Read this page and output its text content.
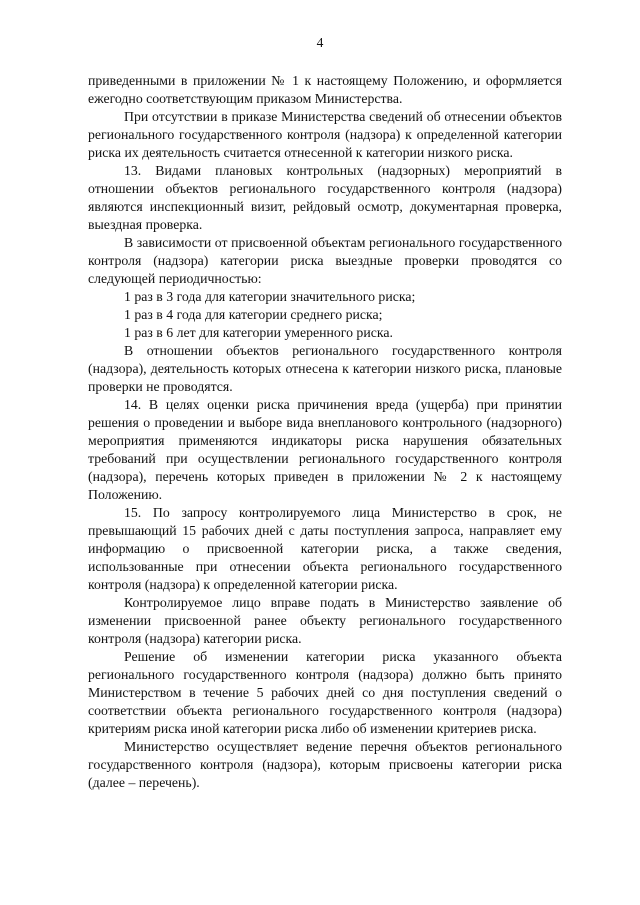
4

приведенными в приложении № 1 к настоящему Положению, и оформляется ежегодно соответствующим приказом Министерства.

При отсутствии в приказе Министерства сведений об отнесении объектов регионального государственного контроля (надзора) к определенной категории риска их деятельность считается отнесенной к категории низкого риска.

13. Видами плановых контрольных (надзорных) мероприятий в отношении объектов регионального государственного контроля (надзора) являются инспекционный визит, рейдовый осмотр, документарная проверка, выездная проверка.

В зависимости от присвоенной объектам регионального государственного контроля (надзора) категории риска выездные проверки проводятся со следующей периодичностью:

1 раз в 3 года для категории значительного риска;

1 раз в 4 года для категории среднего риска;

1 раз в 6 лет для категории умеренного риска.

В отношении объектов регионального государственного контроля (надзора), деятельность которых отнесена к категории низкого риска, плановые проверки не проводятся.

14. В целях оценки риска причинения вреда (ущерба) при принятии решения о проведении и выборе вида внепланового контрольного (надзорного) мероприятия применяются индикаторы риска нарушения обязательных требований при осуществлении регионального государственного контроля (надзора), перечень которых приведен в приложении № 2 к настоящему Положению.

15. По запросу контролируемого лица Министерство в срок, не превышающий 15 рабочих дней с даты поступления запроса, направляет ему информацию о присвоенной категории риска, а также сведения, использованные при отнесении объекта регионального государственного контроля (надзора) к определенной категории риска.

Контролируемое лицо вправе подать в Министерство заявление об изменении присвоенной ранее объекту регионального государственного контроля (надзора) категории риска.

Решение об изменении категории риска указанного объекта регионального государственного контроля (надзора) должно быть принято Министерством в течение 5 рабочих дней со дня поступления сведений о соответствии объекта регионального государственного контроля (надзора) критериям риска иной категории риска либо об изменении критериев риска.

Министерство осуществляет ведение перечня объектов регионального государственного контроля (надзора), которым присвоены категории риска (далее – перечень).
